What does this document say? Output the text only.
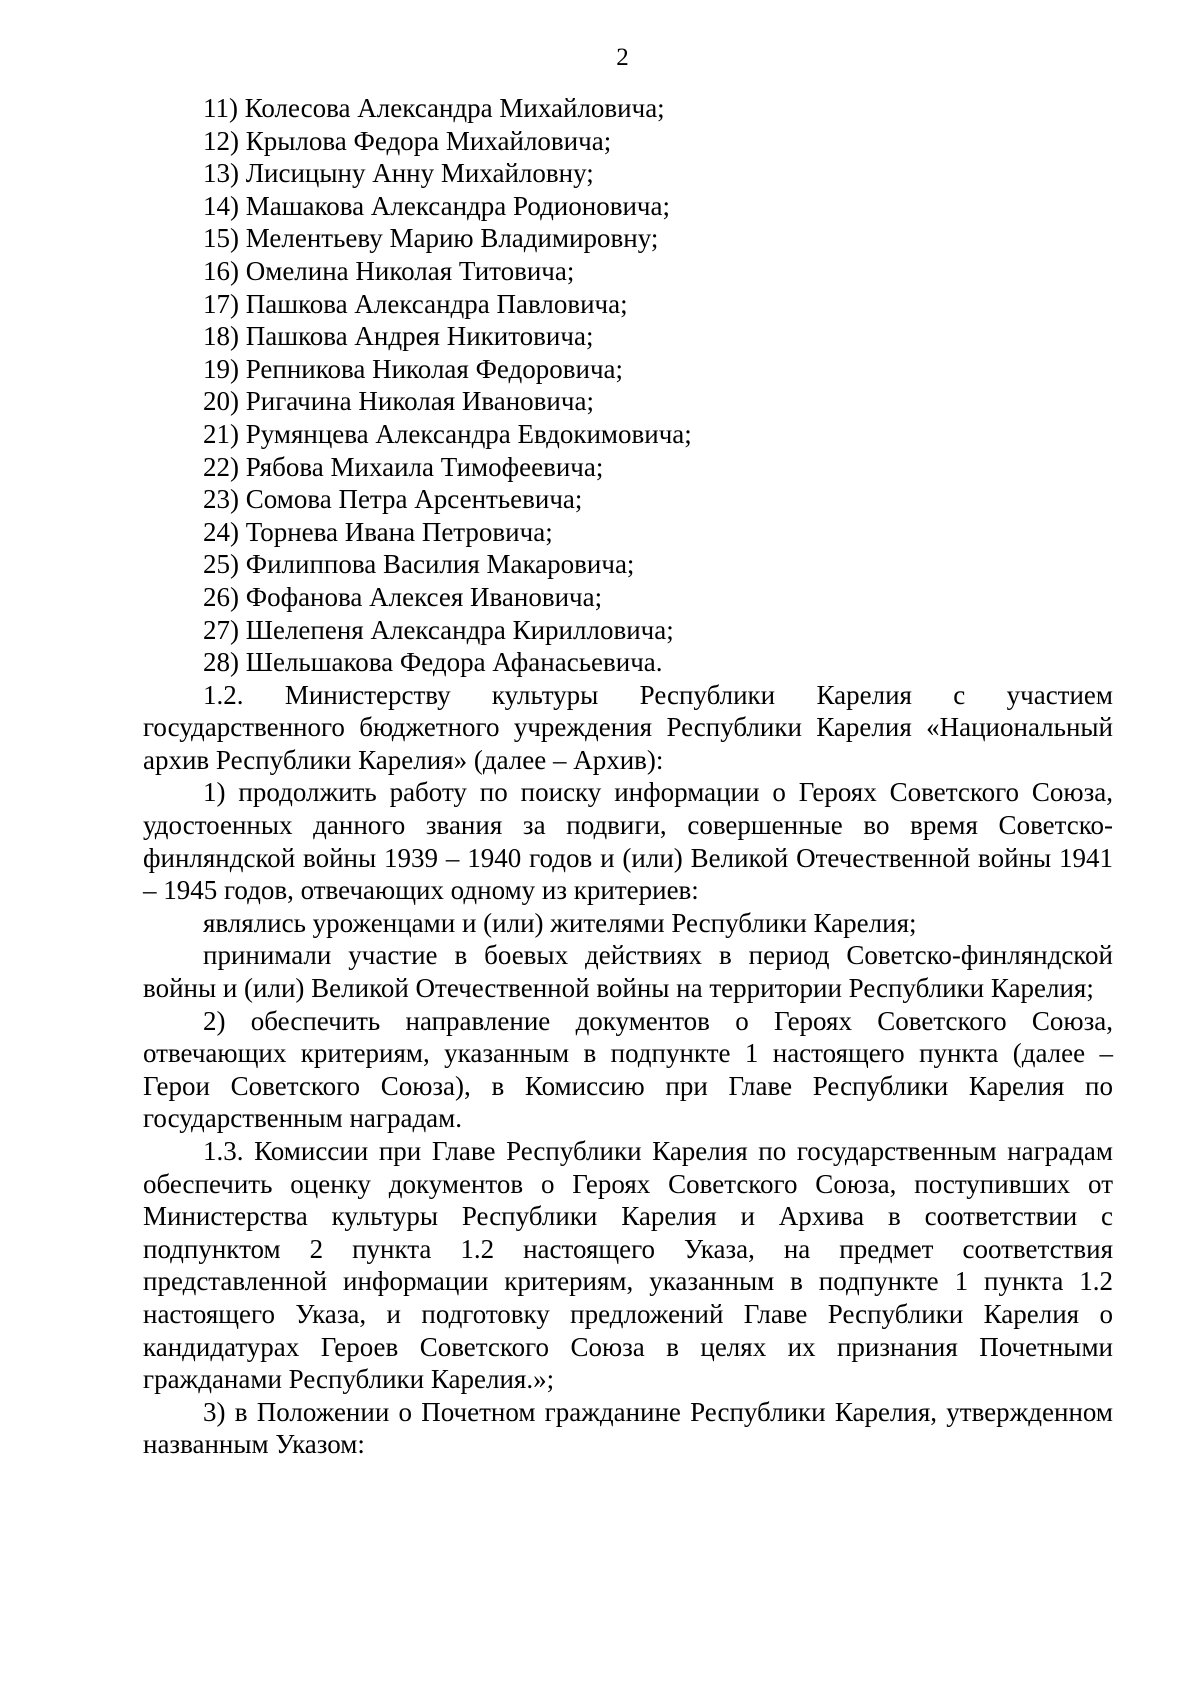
2
11) Колесова Александра Михайловича;
12) Крылова Федора Михайловича;
13) Лисицыну Анну Михайловну;
14) Машакова Александра Родионовича;
15) Мелентьеву Марию Владимировну;
16) Омелина Николая Титовича;
17) Пашкова Александра Павловича;
18) Пашкова Андрея Никитовича;
19) Репникова Николая Федоровича;
20) Ригачина Николая Ивановича;
21) Румянцева Александра Евдокимовича;
22) Рябова Михаила Тимофеевича;
23) Сомова Петра Арсентьевича;
24) Торнева Ивана Петровича;
25) Филиппова Василия Макаровича;
26) Фофанова Алексея Ивановича;
27) Шелепеня Александра Кирилловича;
28) Шельшакова Федора Афанасьевича.

1.2. Министерству культуры Республики Карелия с участием государственного бюджетного учреждения Республики Карелия «Национальный архив Республики Карелия» (далее – Архив):

1) продолжить работу по поиску информации о Героях Советского Союза, удостоенных данного звания за подвиги, совершенные во время Советско-финляндской войны 1939 – 1940 годов и (или) Великой Отечественной войны 1941 – 1945 годов, отвечающих одному из критериев:

являлись уроженцами и (или) жителями Республики Карелия;

принимали участие в боевых действиях в период Советско-финляндской войны и (или) Великой Отечественной войны на территории Республики Карелия;

2) обеспечить направление документов о Героях Советского Союза, отвечающих критериям, указанным в подпункте 1 настоящего пункта (далее – Герои Советского Союза), в Комиссию при Главе Республики Карелия по государственным наградам.

1.3. Комиссии при Главе Республики Карелия по государственным наградам обеспечить оценку документов о Героях Советского Союза, поступивших от Министерства культуры Республики Карелия и Архива в соответствии с подпунктом 2 пункта 1.2 настоящего Указа, на предмет соответствия представленной информации критериям, указанным в подпункте 1 пункта 1.2 настоящего Указа, и подготовку предложений Главе Республики Карелия о кандидатурах Героев Советского Союза в целях их признания Почетными гражданами Республики Карелия.»;

3) в Положении о Почетном гражданине Республики Карелия, утвержденном названным Указом:
